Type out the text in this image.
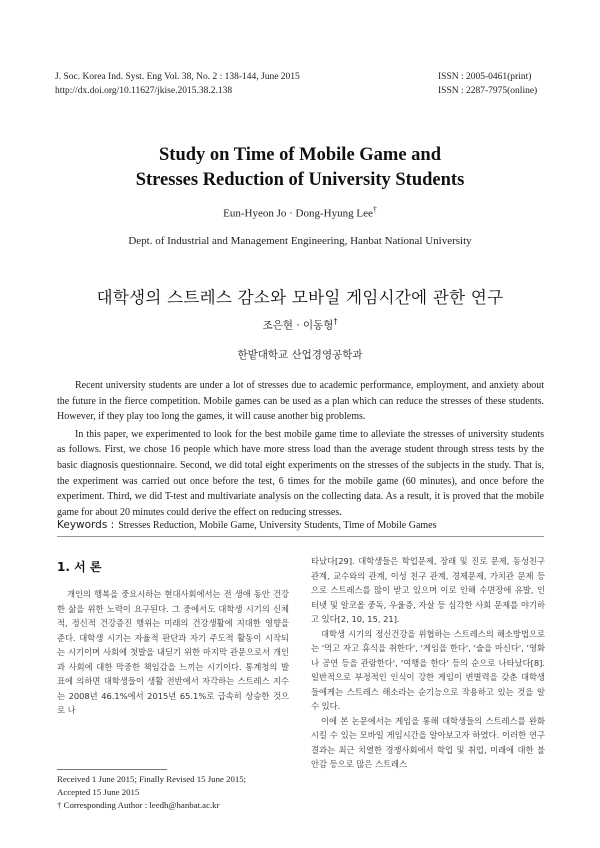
J. Soc. Korea Ind. Syst. Eng Vol. 38, No. 2 : 138-144, June 2015
http://dx.doi.org/10.11627/jkise.2015.38.2.138
ISSN : 2005-0461(print)
ISSN : 2287-7975(online)
Study on Time of Mobile Game and
Stresses Reduction of University Students
Eun-Hyeon Jo · Dong-Hyung Lee†
Dept. of Industrial and Management Engineering, Hanbat National University
대학생의 스트레스 감소와 모바일 게임시간에 관한 연구
조은현 · 이동형†
한밭대학교 산업경영공학과

Recent university students are under a lot of stresses due to academic performance, employment, and anxiety about the future in the fierce competition. Mobile games can be used as a plan which can reduce the stresses of these students. However, if they play too long the games, it will cause another big problems.

In this paper, we experimented to look for the best mobile game time to alleviate the stresses of university students as follows. First, we chose 16 people which have more stress load than the average student through stress tests by the basic diagnosis questionnaire. Second, we did total eight experiments on the stresses of the subjects in the study. That is, the experiment was carried out once before the test, 6 times for the mobile game (60 minutes), and once before the experiment. Third, we did T-test and multivariate analysis on the collecting data. As a result, it is proved that the mobile game for about 20 minutes could derive the effect on reducing stresses.

Keywords : Stresses Reduction, Mobile Game, University Students, Time of Mobile Games
1. 서 론

개인의 행복을 중요시하는 현대사회에서는 전 생애 동안 건강한 삶을 위한 노력이 요구된다. 그 중에서도 대학생 시기의 신체적, 정신적 건강증진 행위는 미래의 건강생활에 지대한 영향을 준다. 대학생 시기는 자율적 판단과 자기 주도적 활동이 시작되는 시기이며 사회에 첫발을 내딛기 위한 마지막 관문으로서 개인과 사회에 대한 막중한 책임감을 느끼는 시기이다. 통계청의 발표에 의하면 대학생들이 생활 전반에서 자각하는 스트레스 지수는 2008년 46.1%에서 2015년 65.1%로 급속히 상승한 것으로 나

타났다[29]. 대학생들은 학업문제, 장래 및 진로 문제, 동성친구 관계, 교수와의 관계, 이성 친구 관계, 경제문제, 가치관 문제 등으로 스트레스를 많이 받고 있으며 이로 인해 수면장애 유발, 인터넷 및 알코올 중독, 우울증, 자살 등 심각한 사회 문제를 야기하고 있다[2, 10, 15, 21].

대학생 시기의 정신건강을 위협하는 스트레스의 해소방법으로는 '먹고 자고 휴식을 취한다', '게임을 한다', '술을 마신다', '영화나 공연 등을 관람한다', '여행을 한다' 등의 순으로 나타났다[8]. 일반적으로 부정적인 인식이 강한 게임이 변별력을 갖춘 대학생들에게는 스트레스 해소라는 순기능으로 작용하고 있는 것을 알 수 있다.

이에 본 논문에서는 게임을 통해 대학생들의 스트레스를 완화시킬 수 있는 모바일 게임시간을 알아보고자 하였다. 이러한 연구결과는 최근 치열한 경쟁사회에서 학업 및 취업, 미래에 대한 불안감 등으로 많은 스트레스

Received 1 June 2015; Finally Revised 15 June 2015;
Accepted 15 June 2015
† Corresponding Author : leedh@hanbat.ac.kr
